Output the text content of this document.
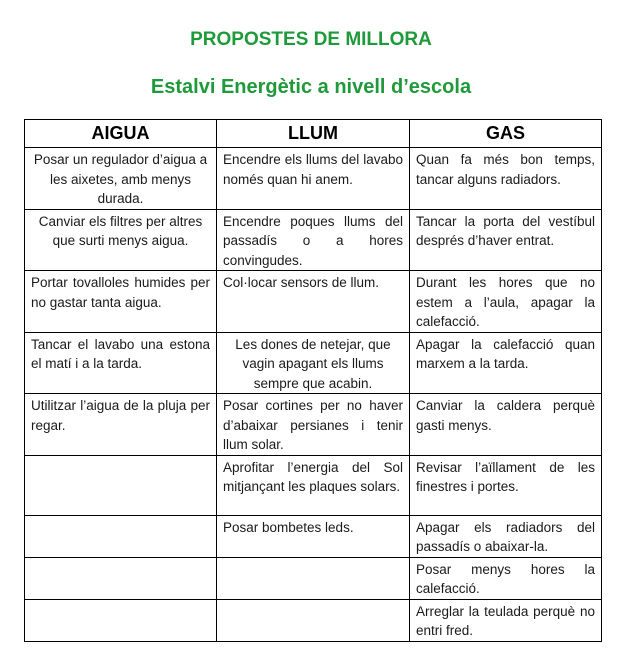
PROPOSTES DE MILLORA
Estalvi Energètic a nivell d’escola
AIGUA	LLUM	GAS
Posar un regulador d’aigua a les aixetes, amb menys durada.	Encendre els llums del lavabo només quan hi anem.	Quan fa més bon temps, tancar alguns radiadors.
Canviar els filtres per altres que surti menys aigua.	Encendre poques llums del passadís o a hores convingudes.	Tancar la porta del vestíbul després d’haver entrat.
Portar tovalloles humides per no gastar tanta aigua.	Col·locar sensors de llum.	Durant les hores que no estem a l’aula, apagar la calefacció.
Tancar el lavabo una estona el matí i a la tarda.	Les dones de netejar, que vagin apagant els llums sempre que acabin.	Apagar la calefacció quan marxem a la tarda.
Utilitzar l’aigua de la pluja per regar.	Posar cortines per no haver d’abaixar persianes i tenir llum solar.	Canviar la caldera perquè gasti menys.
	Aprofitar l’energia del Sol mitjançant les plaques solars.	Revisar l’aïllament de les finestres i portes.
	Posar bombetes leds.	Apagar els radiadors del passadís o abaixar-la.
		Posar menys hores la calefacció.
		Arreglar la teulada perquè no entri fred.
